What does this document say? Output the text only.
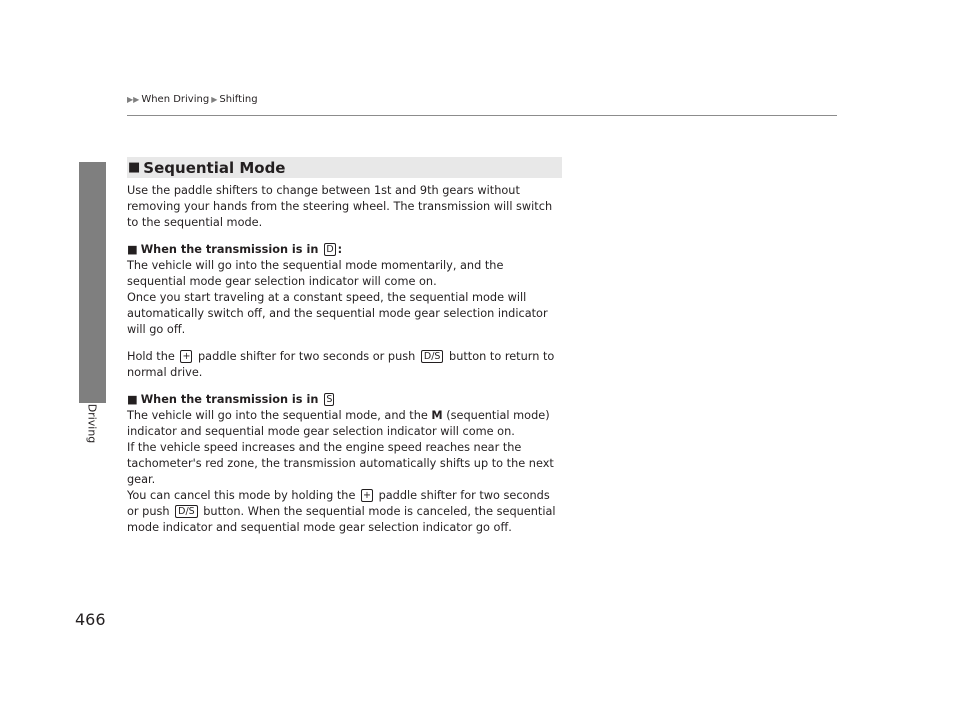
▶▶ When Driving ▶ Shifting
Driving
466
■ Sequential Mode

Use the paddle shifters to change between 1st and 9th gears without removing your hands from the steering wheel. The transmission will switch to the sequential mode.

■ When the transmission is in D :

The vehicle will go into the sequential mode momentarily, and the sequential mode gear selection indicator will come on.

Once you start traveling at a constant speed, the sequential mode will automatically switch off, and the sequential mode gear selection indicator will go off.

Hold the + paddle shifter for two seconds or push D/S button to return to normal drive.

■ When the transmission is in S

The vehicle will go into the sequential mode, and the M (sequential mode) indicator and sequential mode gear selection indicator will come on.

If the vehicle speed increases and the engine speed reaches near the tachometer's red zone, the transmission automatically shifts up to the next gear.

You can cancel this mode by holding the + paddle shifter for two seconds or push D/S button. When the sequential mode is canceled, the sequential mode indicator and sequential mode gear selection indicator go off.
